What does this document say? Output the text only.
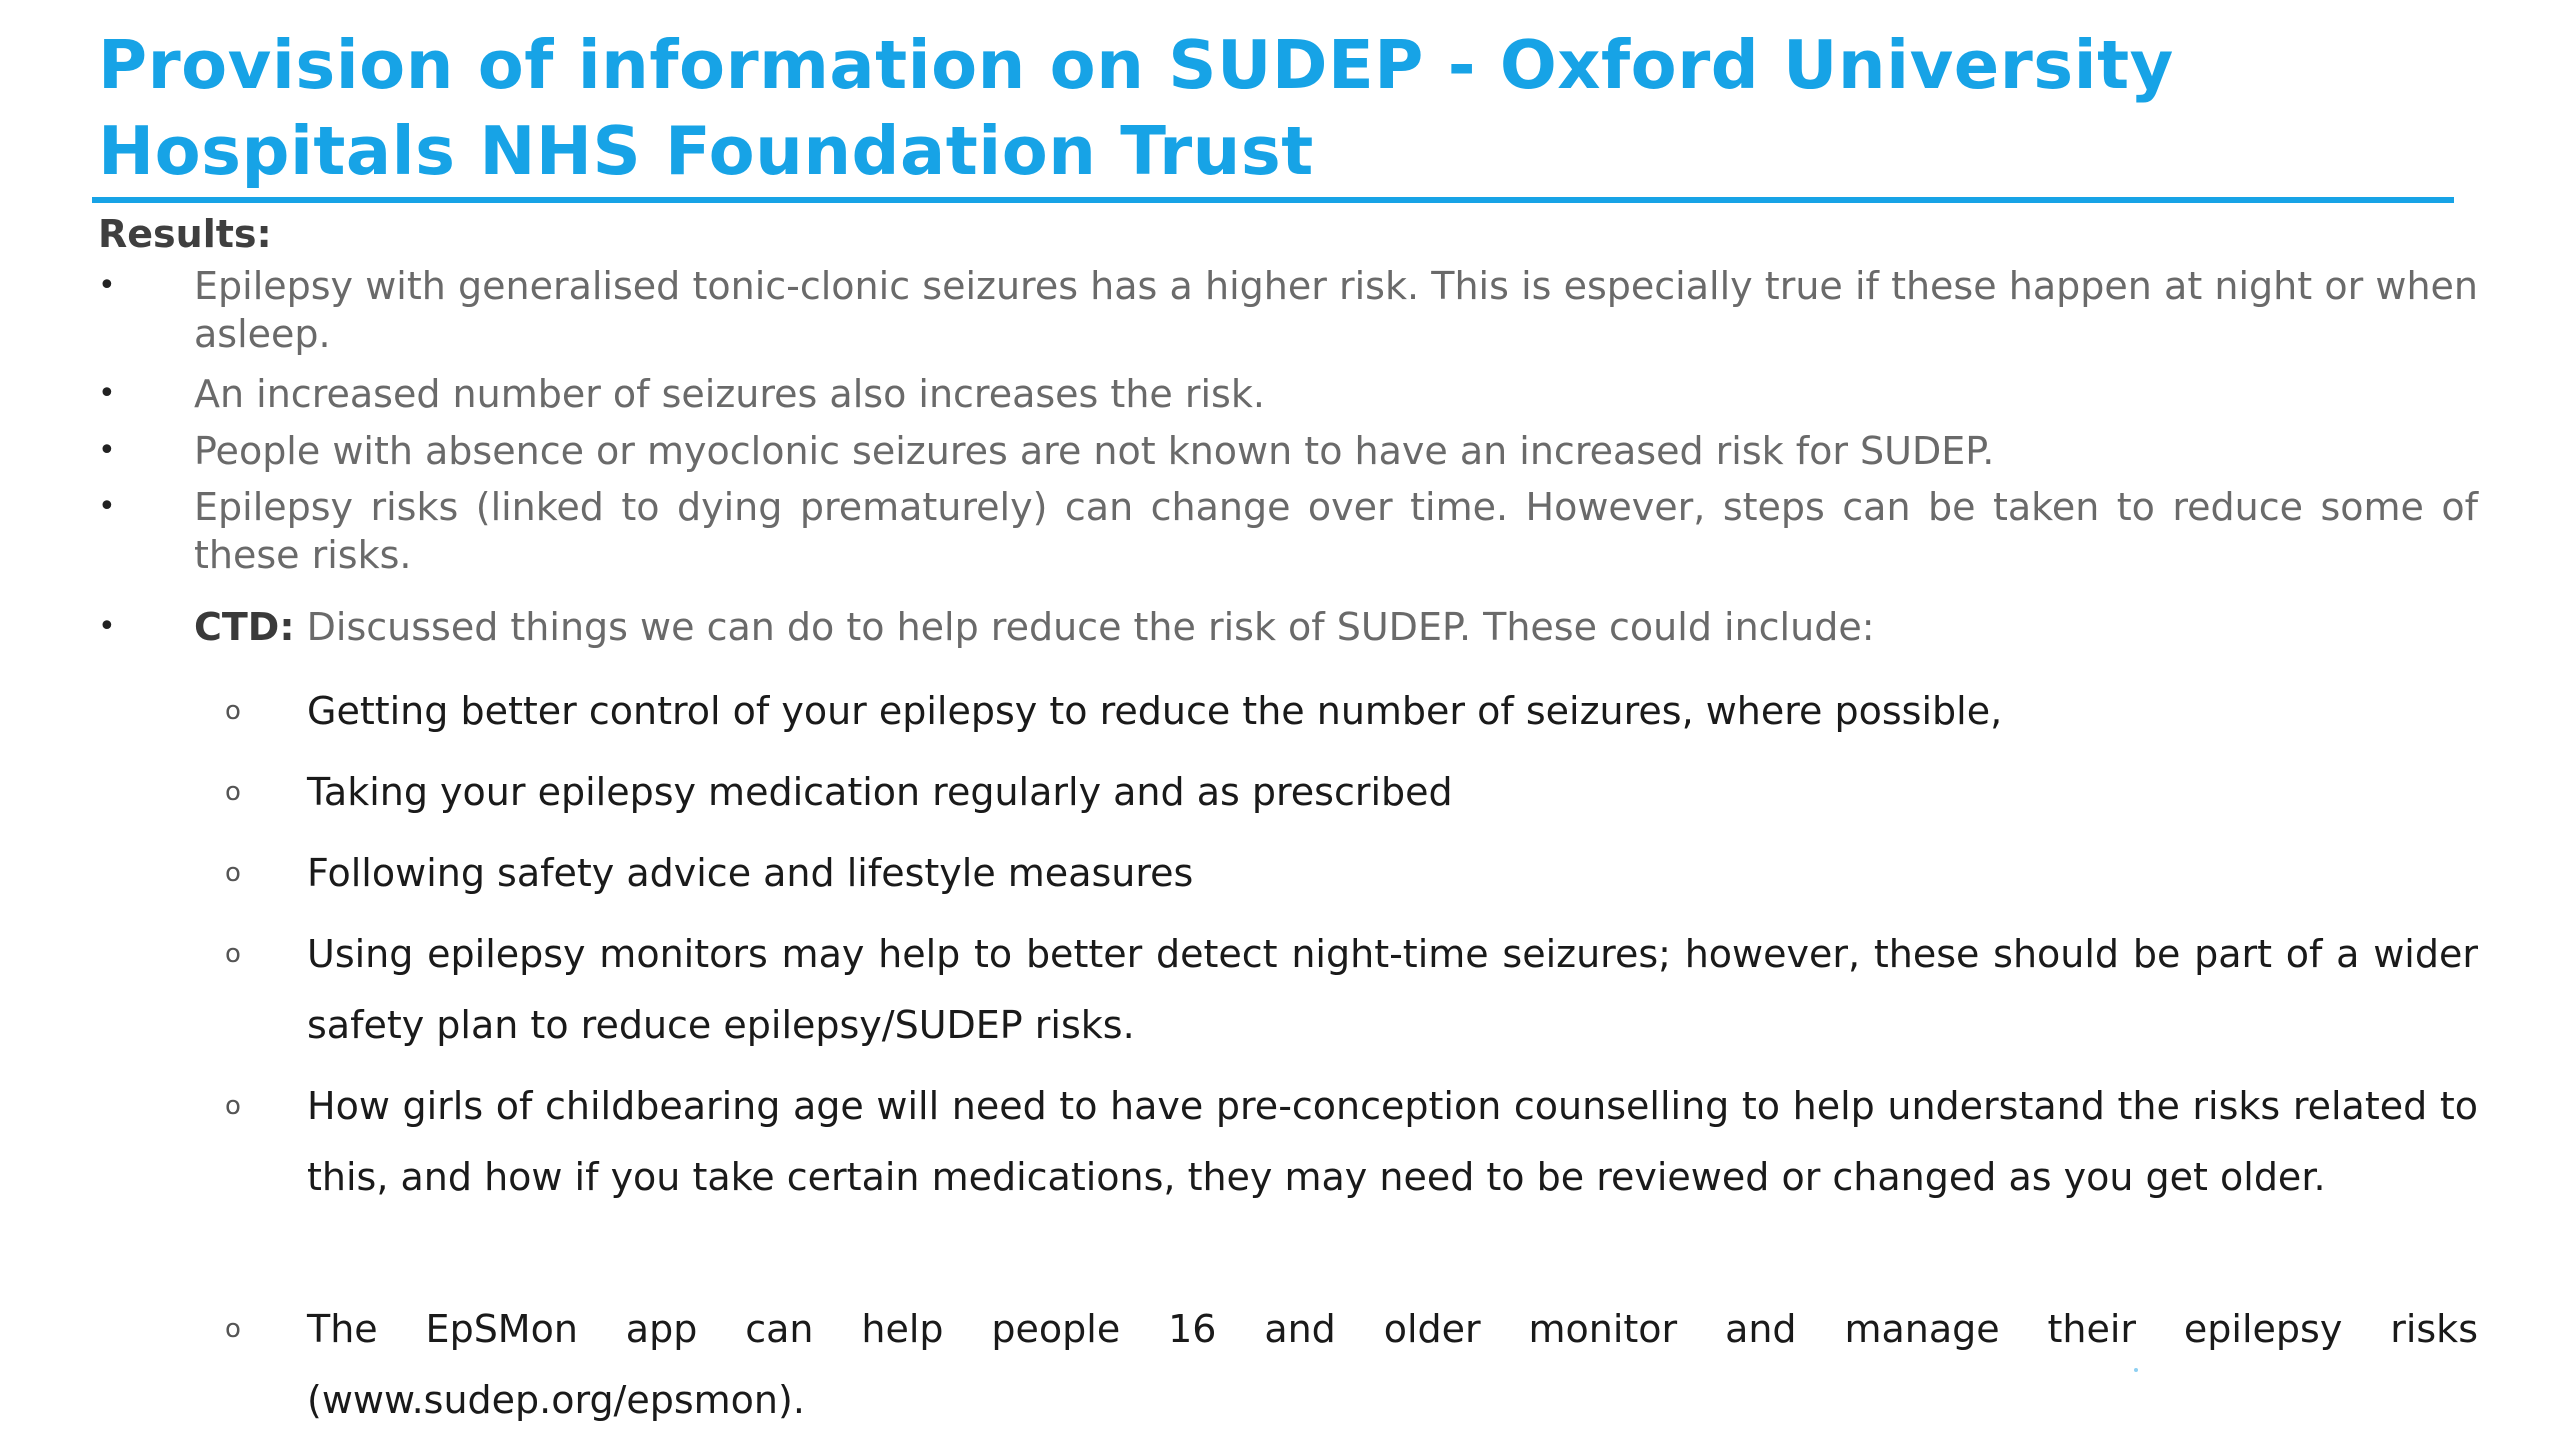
Provision of information on SUDEP - Oxford University Hospitals NHS Foundation Trust
Results:
• Epilepsy with generalised tonic-clonic seizures has a higher risk. This is especially true if these happen at night or when asleep.
• An increased number of seizures also increases the risk.
• People with absence or myoclonic seizures are not known to have an increased risk for SUDEP.
• Epilepsy risks (linked to dying prematurely) can change over time. However, steps can be taken to reduce some of these risks.
• CTD: Discussed things we can do to help reduce the risk of SUDEP. These could include:
o Getting better control of your epilepsy to reduce the number of seizures, where possible,
o Taking your epilepsy medication regularly and as prescribed
o Following safety advice and lifestyle measures
o Using epilepsy monitors may help to better detect night-time seizures; however, these should be part of a wider safety plan to reduce epilepsy/SUDEP risks.
o How girls of childbearing age will need to have pre-conception counselling to help understand the risks related to this, and how if you take certain medications, they may need to be reviewed or changed as you get older.
o The EpSMon app can help people 16 and older monitor and manage their epilepsy risks (www.sudep.org/epsmon).
